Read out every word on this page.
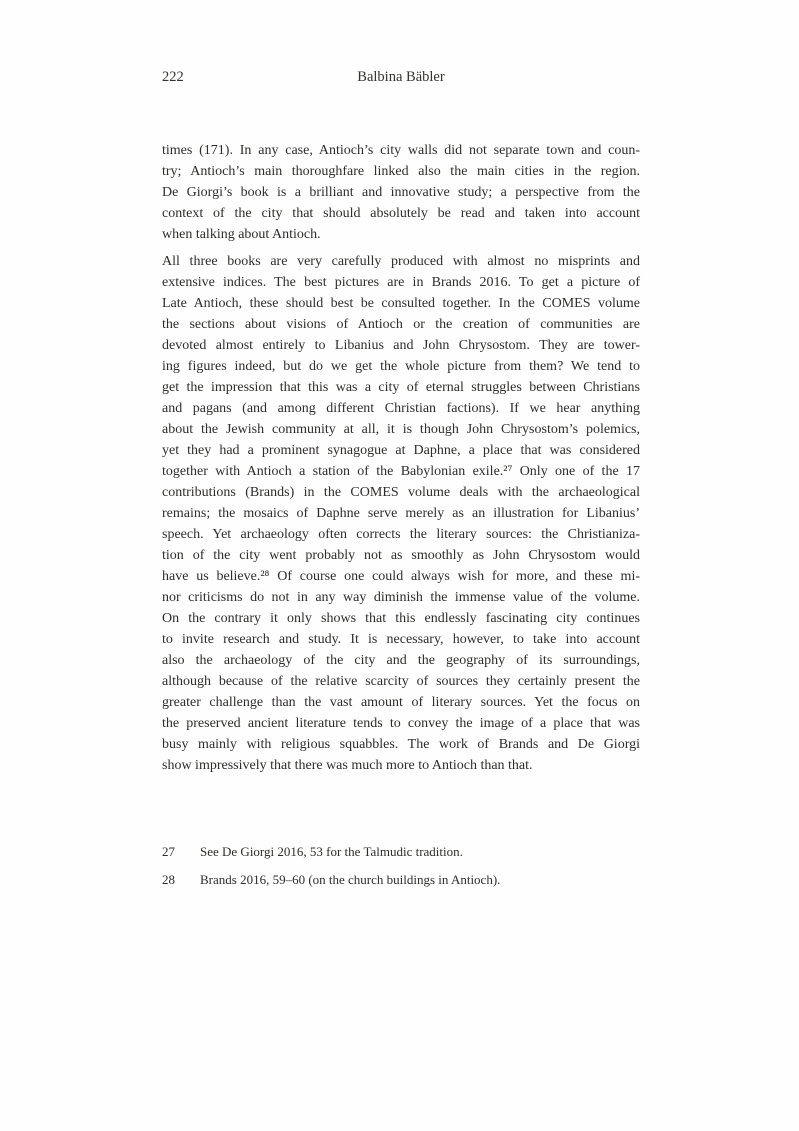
222	Balbina Bäbler
times (171). In any case, Antioch’s city walls did not separate town and coun-
try; Antioch’s main thoroughfare linked also the main cities in the region.
De Giorgi’s book is a brilliant and innovative study; a perspective from the
context of the city that should absolutely be read and taken into account
when talking about Antioch.
All three books are very carefully produced with almost no misprints and
extensive indices. The best pictures are in Brands 2016. To get a picture of
Late Antioch, these should best be consulted together. In the COMES volume
the sections about visions of Antioch or the creation of communities are
devoted almost entirely to Libanius and John Chrysostom. They are tower-
ing figures indeed, but do we get the whole picture from them? We tend to
get the impression that this was a city of eternal struggles between Christians
and pagans (and among different Christian factions). If we hear anything
about the Jewish community at all, it is though John Chrysostom’s polemics,
yet they had a prominent synagogue at Daphne, a place that was considered
together with Antioch a station of the Babylonian exile.²⁷ Only one of the 17
contributions (Brands) in the COMES volume deals with the archaeological
remains; the mosaics of Daphne serve merely as an illustration for Libanius’
speech. Yet archaeology often corrects the literary sources: the Christianiza-
tion of the city went probably not as smoothly as John Chrysostom would
have us believe.²⁸ Of course one could always wish for more, and these mi-
nor criticisms do not in any way diminish the immense value of the volume.
On the contrary it only shows that this endlessly fascinating city continues
to invite research and study. It is necessary, however, to take into account
also the archaeology of the city and the geography of its surroundings,
although because of the relative scarcity of sources they certainly present the
greater challenge than the vast amount of literary sources. Yet the focus on
the preserved ancient literature tends to convey the image of a place that was
busy mainly with religious squabbles. The work of Brands and De Giorgi
show impressively that there was much more to Antioch than that.
27	See De Giorgi 2016, 53 for the Talmudic tradition.
28	Brands 2016, 59–60 (on the church buildings in Antioch).
